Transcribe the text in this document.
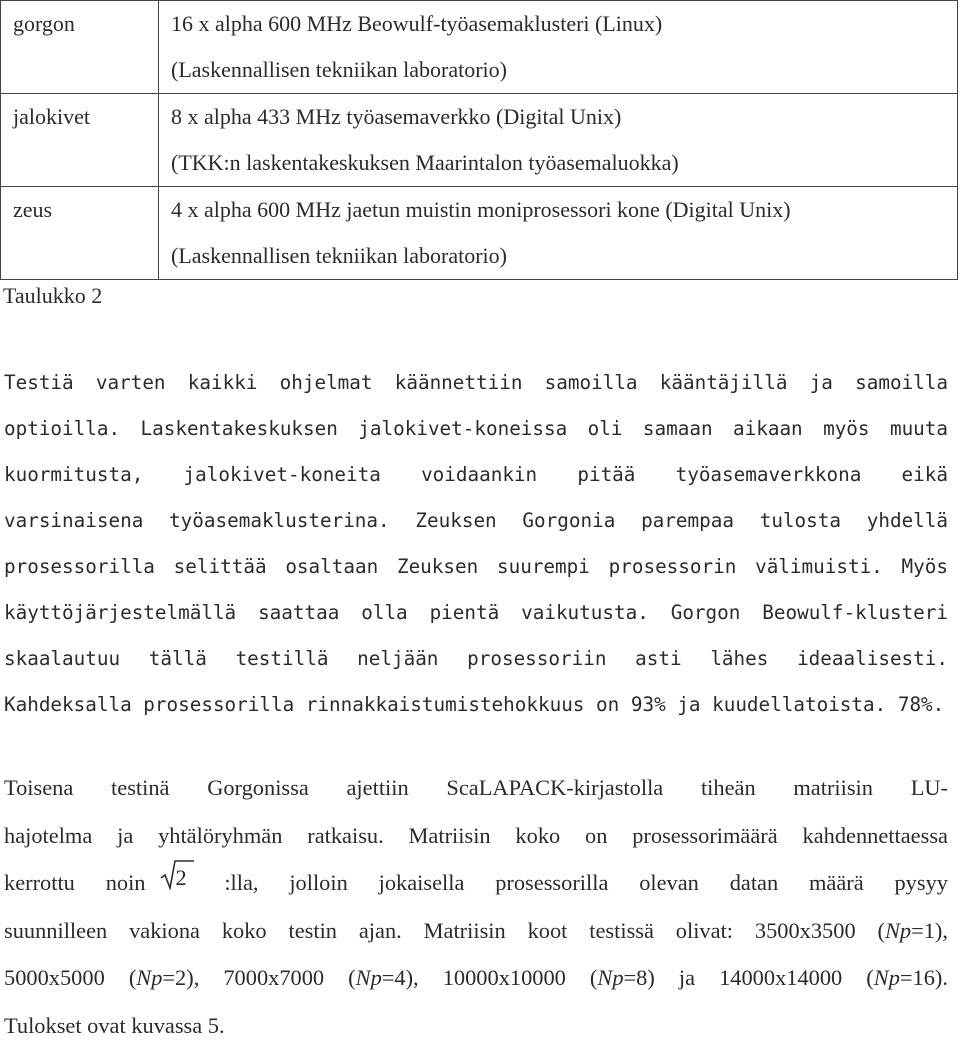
gorgon	16 x alpha 600 MHz Beowulf-työasemaklusteri (Linux)
(Laskennallisen tekniikan laboratorio)

jalokivet	8 x alpha 433 MHz työasemaverkko (Digital Unix)
(TKK:n laskentakeskuksen Maarintalon työasemaluokka)

zeus	4 x alpha 600 MHz jaetun muistin moniprosessori kone (Digital Unix)
(Laskennallisen tekniikan laboratorio)
Taulukko 2

Testiä varten kaikki ohjelmat käännettiin samoilla kääntäjillä ja samoilla optioilla. Laskentakeskuksen jalokivet-koneissa oli samaan aikaan myös muuta kuormitusta, jalokivet-koneita voidaankin pitää työasemaverkkona eikä varsinaisena työasemaklusterina. Zeuksen Gorgonia parempaa tulosta yhdellä prosessorilla selittää osaltaan Zeuksen suurempi prosessorin välimuisti. Myös käyttöjärjestelmällä saattaa olla pientä vaikutusta. Gorgon Beowulf-klusteri skaalautuu tällä testillä neljään prosessoriin asti lähes ideaalisesti. Kahdeksalla prosessorilla rinnakkaistumistehokkuus on 93% ja kuudellatoista. 78%.

Toisena testinä Gorgonissa ajettiin ScaLAPACK-kirjastolla tiheän matriisin LU-
hajotelma ja yhtälöryhmän ratkaisu. Matriisin koko on prosessorimäärä kahdennettaessa
kerrottu noin 2 :lla, jolloin jokaisella prosessorilla olevan datan määrä pysyy
suunnilleen vakiona koko testin ajan. Matriisin koot testissä olivat: 3500x3500 (Np=1),
5000x5000 (Np=2), 7000x7000 (Np=4), 10000x10000 (Np=8) ja 14000x14000 (Np=16).
Tulokset ovat kuvassa 5.
